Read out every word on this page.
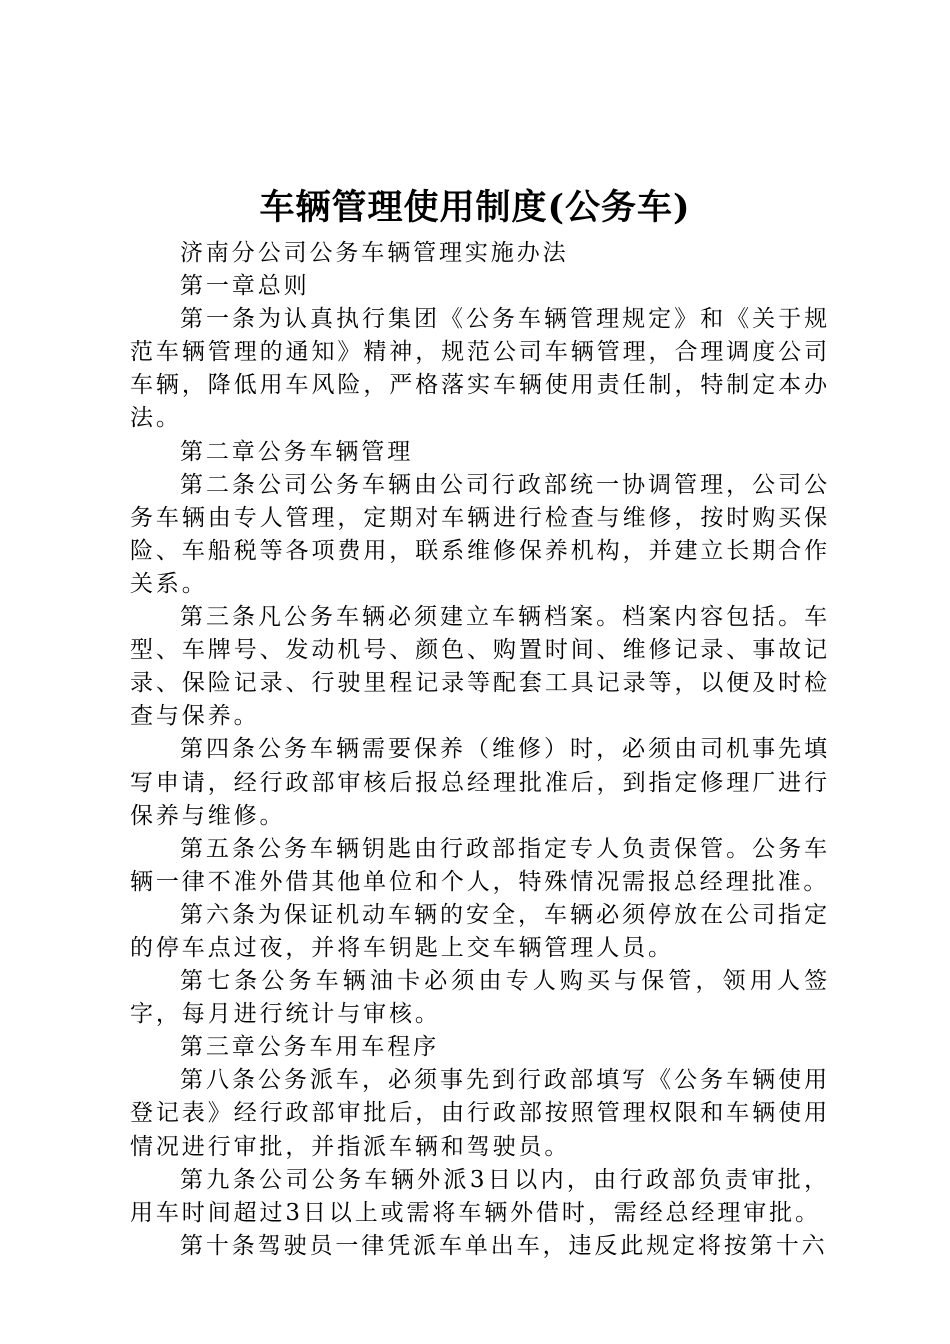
车辆管理使用制度(公务车)

济南分公司公务车辆管理实施办法

第一章总则

第一条为认真执行集团《公务车辆管理规定》和《关于规范车辆管理的通知》精神，规范公司车辆管理，合理调度公司车辆，降低用车风险，严格落实车辆使用责任制，特制定本办法。

第二章公务车辆管理

第二条公司公务车辆由公司行政部统一协调管理，公司公务车辆由专人管理，定期对车辆进行检查与维修，按时购买保险、车船税等各项费用，联系维修保养机构，并建立长期合作关系。

第三条凡公务车辆必须建立车辆档案。档案内容包括。车型、车牌号、发动机号、颜色、购置时间、维修记录、事故记录、保险记录、行驶里程记录等配套工具记录等，以便及时检查与保养。

第四条公务车辆需要保养（维修）时，必须由司机事先填写申请，经行政部审核后报总经理批准后，到指定修理厂进行保养与维修。

第五条公务车辆钥匙由行政部指定专人负责保管。公务车辆一律不准外借其他单位和个人，特殊情况需报总经理批准。

第六条为保证机动车辆的安全，车辆必须停放在公司指定的停车点过夜，并将车钥匙上交车辆管理人员。

第七条公务车辆油卡必须由专人购买与保管，领用人签字，每月进行统计与审核。

第三章公务车用车程序

第八条公务派车，必须事先到行政部填写《公务车辆使用登记表》经行政部审批后，由行政部按照管理权限和车辆使用情况进行审批，并指派车辆和驾驶员。

第九条公司公务车辆外派3日以内，由行政部负责审批，用车时间超过3日以上或需将车辆外借时，需经总经理审批。

第十条驾驶员一律凭派车单出车，违反此规定将按第十六
